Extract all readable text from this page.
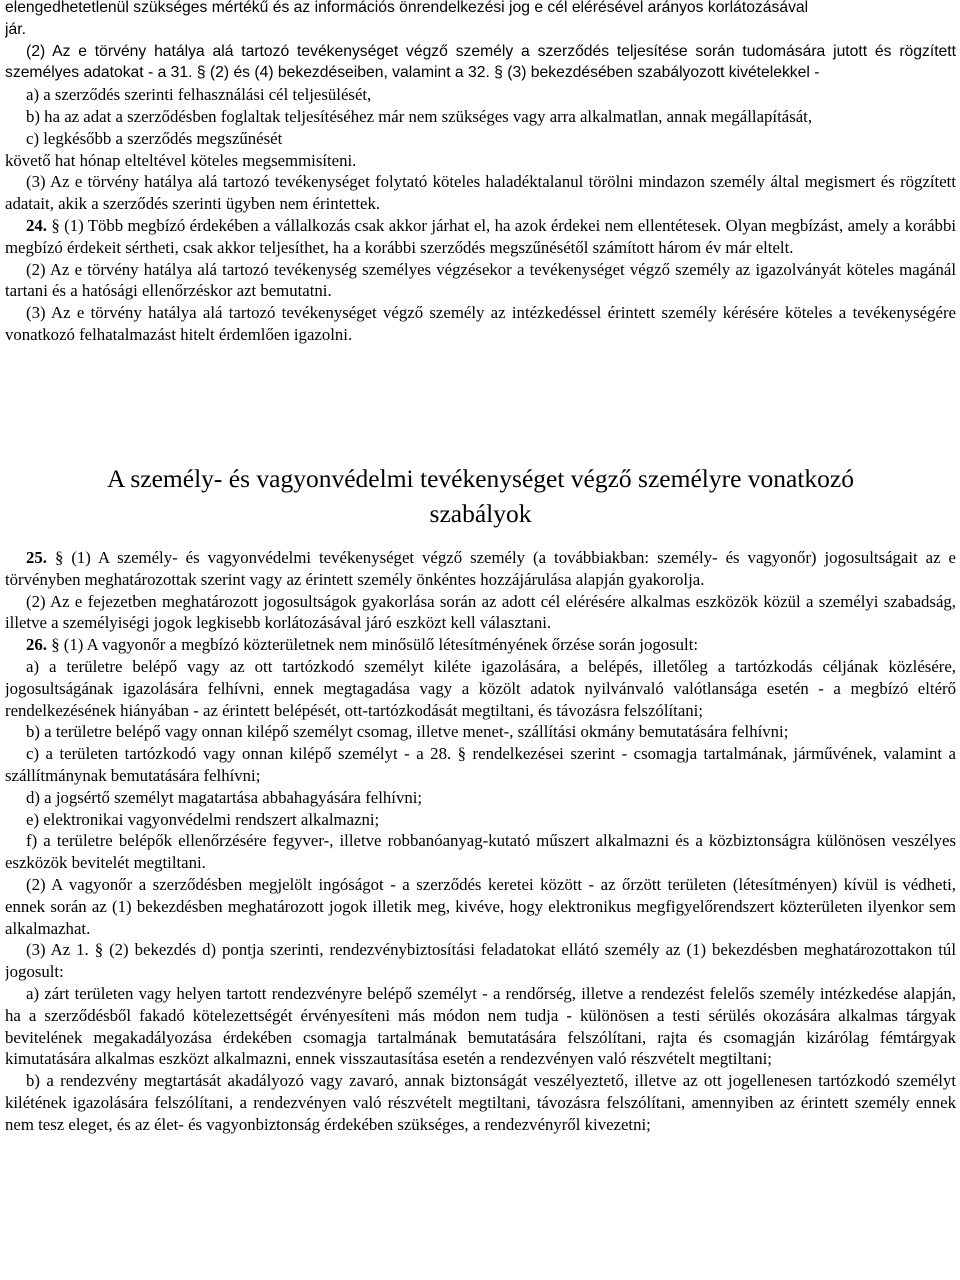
elengedhetetlenül szükséges mértékű és az információs önrendelkezési jog e cél elérésével arányos korlátozásával

jár.

(2) Az e törvény hatálya alá tartozó tevékenységet végző személy a szerződés teljesítése során tudomására jutott és rögzített személyes adatokat - a 31. § (2) és (4) bekezdéseiben, valamint a 32. § (3) bekezdésében szabályozott kivételekkel -

a) a szerződés szerinti felhasználási cél teljesülését,

b) ha az adat a szerződésben foglaltak teljesítéséhez már nem szükséges vagy arra alkalmatlan, annak megállapítását,

c) legkésőbb a szerződés megszűnését

követő hat hónap elteltével köteles megsemmisíteni.

(3) Az e törvény hatálya alá tartozó tevékenységet folytató köteles haladéktalanul törölni mindazon személy által megismert és rögzített adatait, akik a szerződés szerinti ügyben nem érintettek.

24. § (1) Több megbízó érdekében a vállalkozás csak akkor járhat el, ha azok érdekei nem ellentétesek. Olyan megbízást, amely a korábbi megbízó érdekeit sértheti, csak akkor teljesíthet, ha a korábbi szerződés megszűnésétől számított három év már eltelt.

(2) Az e törvény hatálya alá tartozó tevékenység személyes végzésekor a tevékenységet végző személy az igazolványát köteles magánál tartani és a hatósági ellenőrzéskor azt bemutatni.

(3) Az e törvény hatálya alá tartozó tevékenységet végző személy az intézkedéssel érintett személy kérésére köteles a tevékenységére vonatkozó felhatalmazást hitelt érdemlően igazolni.

A személy- és vagyonvédelmi tevékenységet végző személyre vonatkozó
szabályok

25. § (1) A személy- és vagyonvédelmi tevékenységet végző személy (a továbbiakban: személy- és vagyonőr) jogosultságait az e törvényben meghatározottak szerint vagy az érintett személy önkéntes hozzájárulása alapján gyakorolja.

(2) Az e fejezetben meghatározott jogosultságok gyakorlása során az adott cél elérésére alkalmas eszközök közül a személyi szabadság, illetve a személyiségi jogok legkisebb korlátozásával járó eszközt kell választani.

26. § (1) A vagyonőr a megbízó közterületnek nem minősülő létesítményének őrzése során jogosult:

a) a területre belépő vagy az ott tartózkodó személyt kilétе igazolására, a belépés, illetőleg a tartózkodás céljának közlésére, jogosultságának igazolására felhívni, ennek megtagadása vagy a közölt adatok nyilvánvaló valótlansága esetén - a megbízó eltérő rendelkezésének hiányában - az érintett belépését, ott-tartózkodását megtiltani, és távozásra felszólítani;

b) a területre belépő vagy onnan kilépő személyt csomag, illetve menet-, szállítási okmány bemutatására felhívni;

c) a területen tartózkodó vagy onnan kilépő személyt - a 28. § rendelkezései szerint - csomagja tartalmának, járművének, valamint a szállítmánynak bemutatására felhívni;

d) a jogsértő személyt magatartása abbahagyására felhívni;

e) elektronikai vagyonvédelmi rendszert alkalmazni;

f) a területre belépők ellenőrzésére fegyver-, illetve robbanóanyag-kutató műszert alkalmazni és a közbiztonságra különösen veszélyes eszközök bevitelét megtiltani.

(2) A vagyonőr a szerződésben megjelölt ingóságot - a szerződés keretei között - az őrzött területen (létesítményen) kívül is védheti, ennek során az (1) bekezdésben meghatározott jogok illetik meg, kivéve, hogy elektronikus megfigyelőrendszert közterületen ilyenkor sem alkalmazhat.

(3) Az 1. § (2) bekezdés d) pontja szerinti, rendezvénybiztosítási feladatokat ellátó személy az (1) bekezdésben meghatározottakon túl jogosult:

a) zárt területen vagy helyen tartott rendezvényre belépő személyt - a rendőrség, illetve a rendezést felelős személy intézkedése alapján, ha a szerződésből fakadó kötelezettségét érvényesíteni más módon nem tudja - különösen a testi sérülés okozására alkalmas tárgyak bevitelének megakadályozása érdekében csomagja tartalmának bemutatására felszólítani, rajta és csomagján kizárólag fémtárgyak kimutatására alkalmas eszközt alkalmazni, ennek visszautasítása esetén a rendezvényen való részvételt megtiltani;

b) a rendezvény megtartását akadályozó vagy zavaró, annak biztonságát veszélyeztető, illetve az ott jogellenesen tartózkodó személyt kilétének igazolására felszólítani, a rendezvényen való részvételt megtiltani, távozásra felszólítani, amennyiben az érintett személy ennek nem tesz eleget, és az élet- és vagyonbiztonság érdekében szükséges, a rendezvényről kivezetni;
